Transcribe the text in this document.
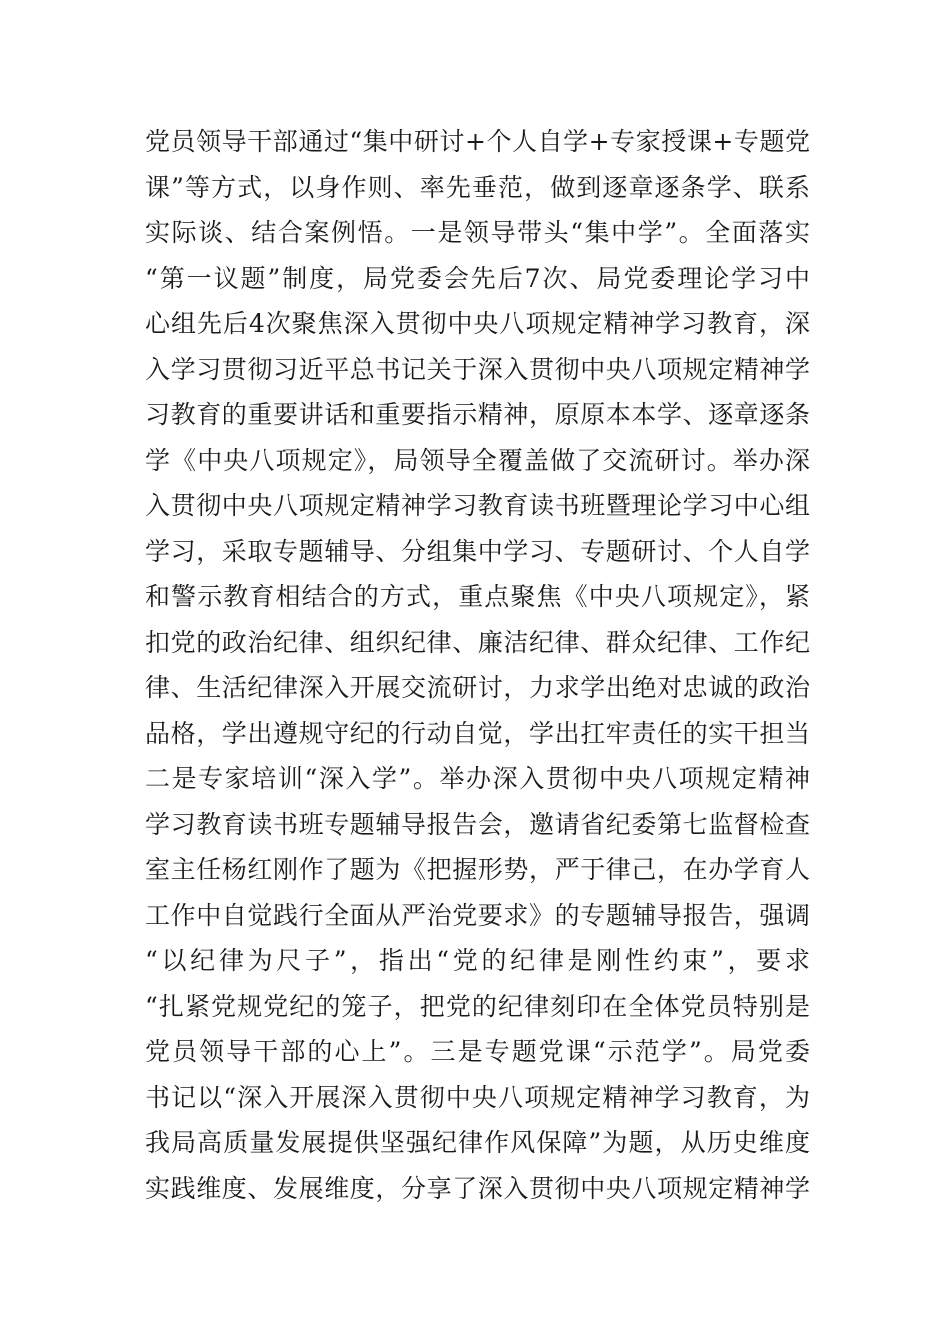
党员领导干部通过“集中研讨+个人自学+专家授课+专题党
课”等方式，以身作则、率先垂范，做到逐章逐条学、联系
实际谈、结合案例悟。一是领导带头“集中学”。全面落实
“第一议题”制度，局党委会先后7次、局党委理论学习中
心组先后4次聚焦深入贯彻中央八项规定精神学习教育，深
入学习贯彻习近平总书记关于深入贯彻中央八项规定精神学
习教育的重要讲话和重要指示精神，原原本本学、逐章逐条
学《中央八项规定》，局领导全覆盖做了交流研讨。举办深
入贯彻中央八项规定精神学习教育读书班暨理论学习中心组
学习，采取专题辅导、分组集中学习、专题研讨、个人自学
和警示教育相结合的方式，重点聚焦《中央八项规定》，紧
扣党的政治纪律、组织纪律、廉洁纪律、群众纪律、工作纪
律、生活纪律深入开展交流研讨，力求学出绝对忠诚的政治
品格，学出遵规守纪的行动自觉，学出扛牢责任的实干担当
二是专家培训“深入学”。举办深入贯彻中央八项规定精神
学习教育读书班专题辅导报告会，邀请省纪委第七监督检查
室主任杨红刚作了题为《把握形势，严于律己，在办学育人
工作中自觉践行全面从严治党要求》的专题辅导报告，强调
“以纪律为尺子”，指出“党的纪律是刚性约束”，要求
“扎紧党规党纪的笼子，把党的纪律刻印在全体党员特别是
党员领导干部的心上”。三是专题党课“示范学”。局党委
书记以“深入开展深入贯彻中央八项规定精神学习教育，为
我局高质量发展提供坚强纪律作风保障”为题，从历史维度
实践维度、发展维度，分享了深入贯彻中央八项规定精神学
